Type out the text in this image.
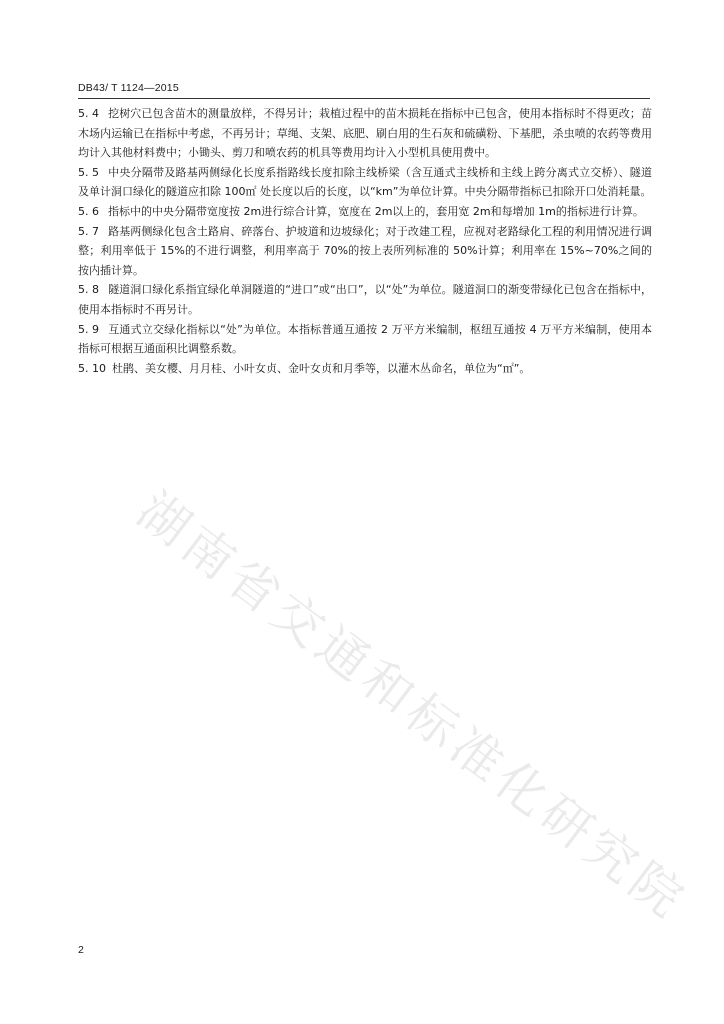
DB43/ T 1124—2015

5. 4 挖树穴已包含苗木的测量放样，不得另计；栽植过程中的苗木损耗在指标中已包含，使用本指标时不得更改；苗木场内运输已在指标中考虑，不再另计；草绳、支架、底肥、刷白用的生石灰和硫磺粉、下基肥，杀虫喷的农药等费用均计入其他材料费中；小锄头、剪刀和喷农药的机具等费用均计入小型机具使用费中。

5. 5 中央分隔带及路基两侧绿化长度系指路线长度扣除主线桥梁（含互通式主线桥和主线上跨分离式立交桥）、隧道及单计洞口绿化的隧道应扣除 100㎡ 处长度以后的长度，以“km”为单位计算。中央分隔带指标已扣除开口处消耗量。

5. 6 指标中的中央分隔带宽度按 2m进行综合计算，宽度在 2m以上的，套用宽 2m和每增加 1m的指标进行计算。

5. 7 路基两侧绿化包含土路肩、碎落台、护坡道和边坡绿化；对于改建工程，应视对老路绿化工程的利用情况进行调整；利用率低于 15%的不进行调整，利用率高于 70%的按上表所列标准的 50%计算；利用率在 15%~70%之间的按内插计算。

5. 8 隧道洞口绿化系指宜绿化单洞隧道的“进口”或“出口”，以“处”为单位。隧道洞口的渐变带绿化已包含在指标中，使用本指标时不再另计。

5. 9 互通式立交绿化指标以“处”为单位。本指标普通互通按 2 万平方米编制，枢纽互通按 4 万平方米编制，使用本指标可根据互通面积比调整系数。

5. 10 杜鹃、美女樱、月月桂、小叶女贞、金叶女贞和月季等，以灌木丛命名，单位为“㎡”。

湖南省交通和标准化研究院
2
